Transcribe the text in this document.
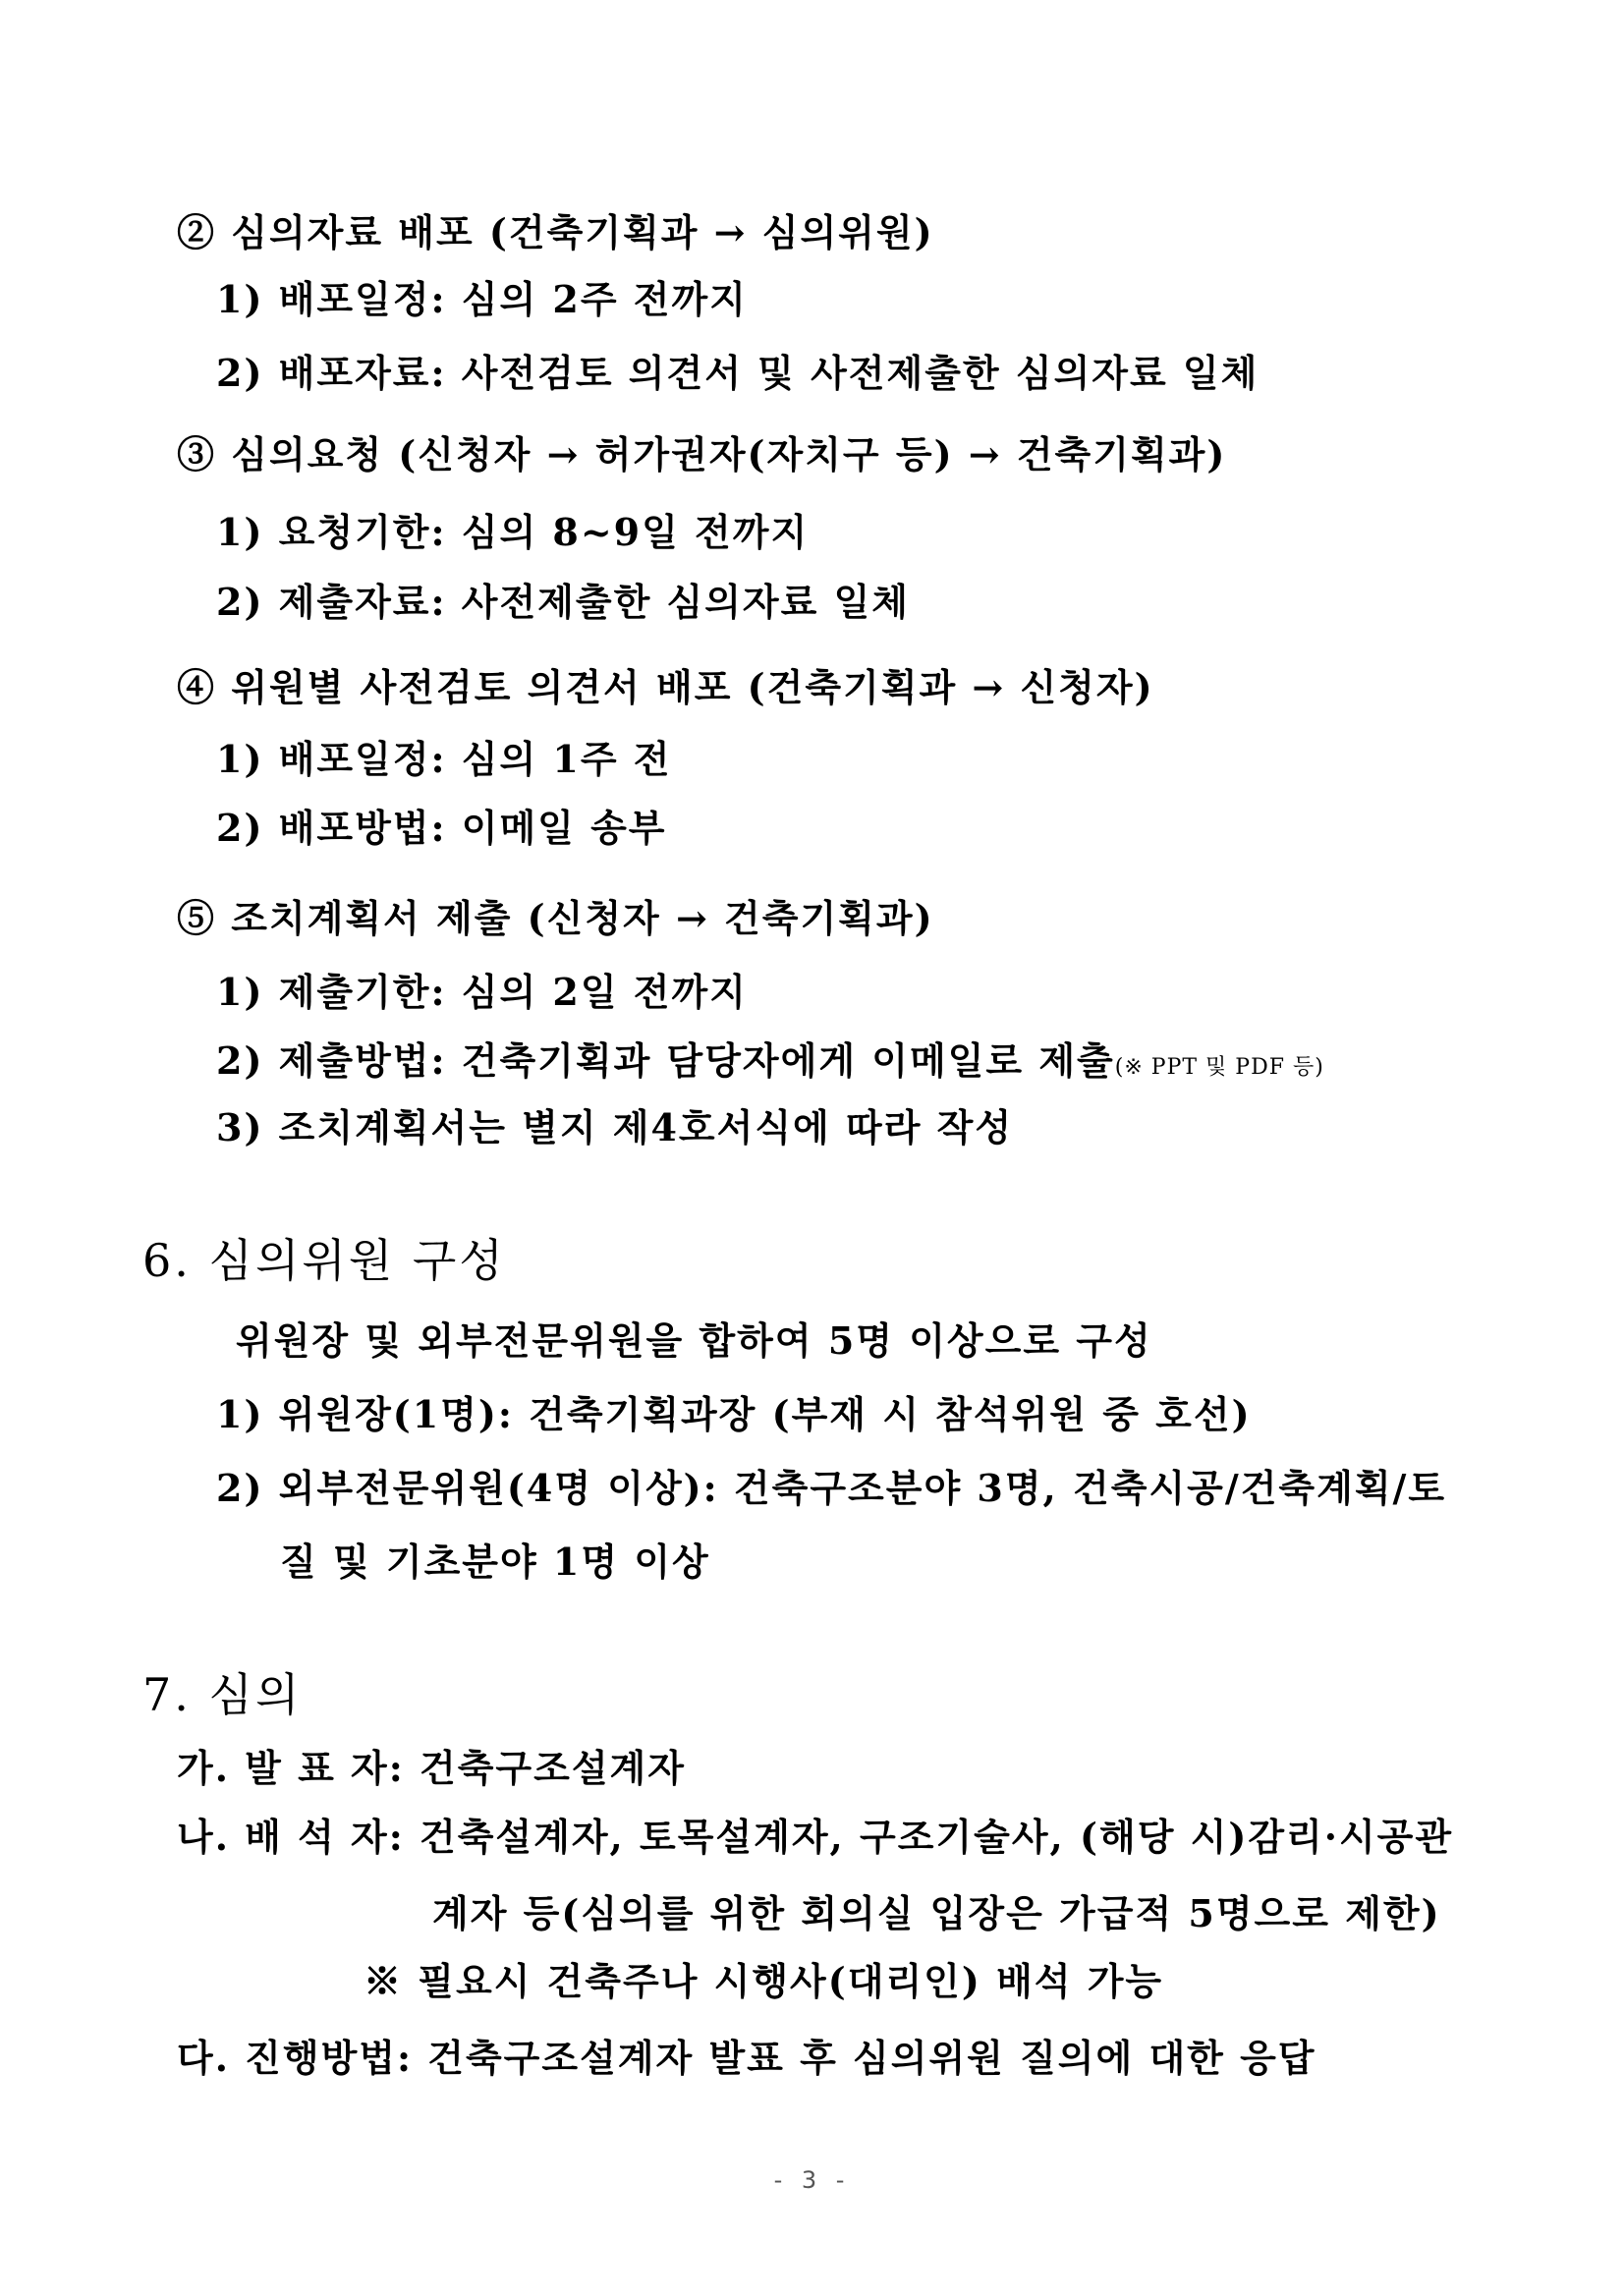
② 심의자료 배포 (건축기획과 → 심의위원)
1) 배포일정: 심의 2주 전까지
2) 배포자료: 사전검토 의견서 및 사전제출한 심의자료 일체
③ 심의요청 (신청자 → 허가권자(자치구 등) → 건축기획과)
1) 요청기한: 심의 8~9일 전까지
2) 제출자료: 사전제출한 심의자료 일체
④ 위원별 사전검토 의견서 배포 (건축기획과 → 신청자)
1) 배포일정: 심의 1주 전
2) 배포방법: 이메일 송부
⑤ 조치계획서 제출 (신청자 → 건축기획과)
1) 제출기한: 심의 2일 전까지
2) 제출방법: 건축기획과 담당자에게 이메일로 제출(※ PPT 및 PDF 등)
3) 조치계획서는 별지 제4호서식에 따라 작성
6. 심의위원 구성
위원장 및 외부전문위원을 합하여 5명 이상으로 구성
1) 위원장(1명): 건축기획과장 (부재 시 참석위원 중 호선)
2) 외부전문위원(4명 이상): 건축구조분야 3명, 건축시공/건축계획/토
질 및 기초분야 1명 이상
7. 심의
가. 발 표 자: 건축구조설계자
나. 배 석 자: 건축설계자, 토목설계자, 구조기술사, (해당 시)감리·시공관
계자 등(심의를 위한 회의실 입장은 가급적 5명으로 제한)
※ 필요시 건축주나 시행사(대리인) 배석 가능
다. 진행방법: 건축구조설계자 발표 후 심의위원 질의에 대한 응답
- 3 -
